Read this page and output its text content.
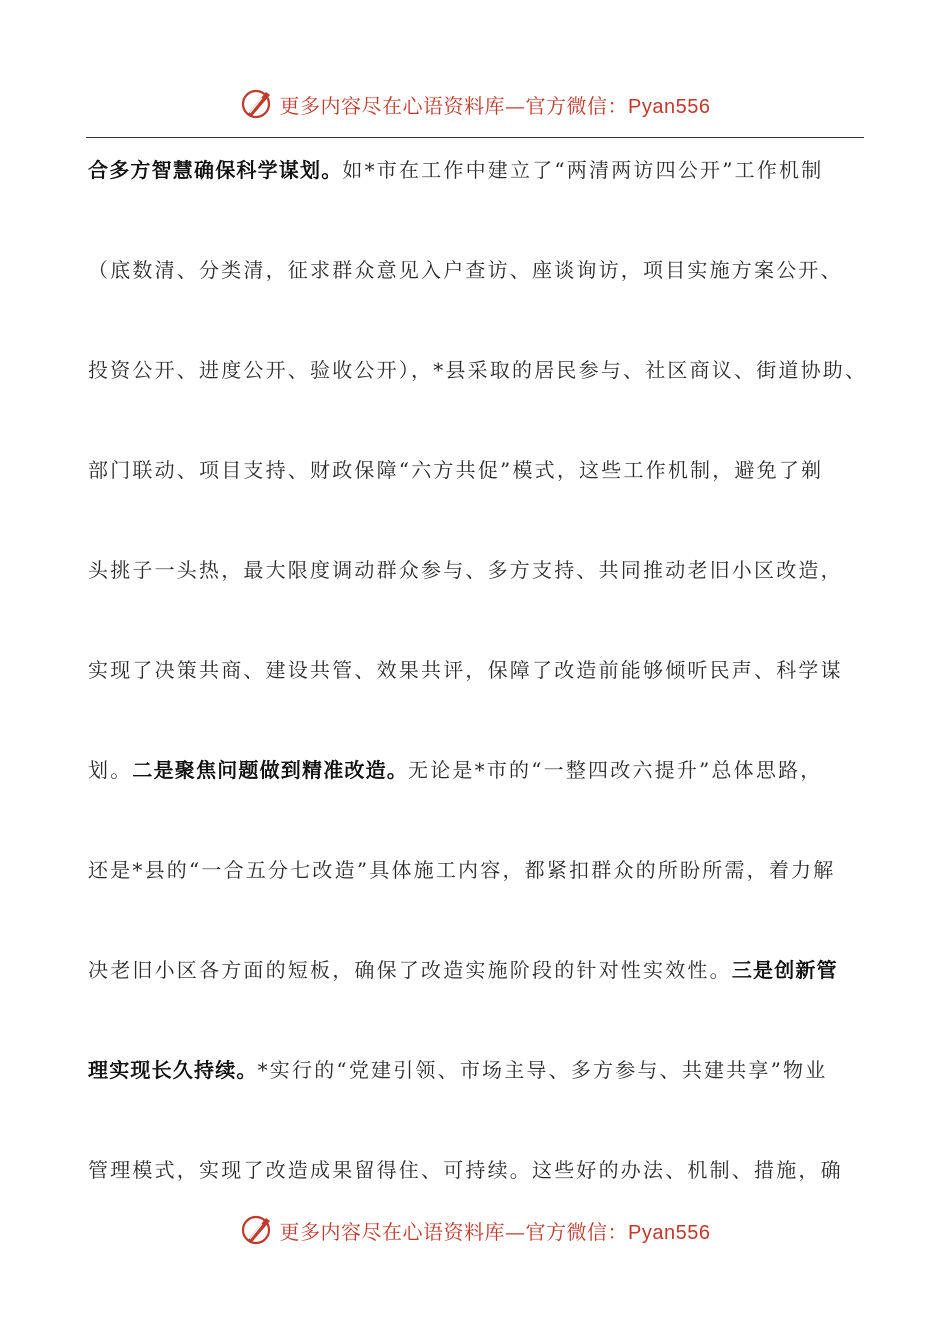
更多内容尽在心语资料库—官方微信：Pyan556
合多方智慧确保科学谋划。如*市在工作中建立了“两清两访四公开”工作机制
（底数清、分类清，征求群众意见入户查访、座谈询访，项目实施方案公开、
投资公开、进度公开、验收公开），*县采取的居民参与、社区商议、街道协助、
部门联动、项目支持、财政保障“六方共促”模式，这些工作机制，避免了剃
头挑子一头热，最大限度调动群众参与、多方支持、共同推动老旧小区改造，
实现了决策共商、建设共管、效果共评，保障了改造前能够倾听民声、科学谋
划。二是聚焦问题做到精准改造。无论是*市的“一整四改六提升”总体思路，
还是*县的“一合五分七改造”具体施工内容，都紧扣群众的所盼所需，着力解
决老旧小区各方面的短板，确保了改造实施阶段的针对性实效性。三是创新管
理实现长久持续。*实行的“党建引领、市场主导、多方参与、共建共享”物业
管理模式，实现了改造成果留得住、可持续。这些好的办法、机制、措施，确
更多内容尽在心语资料库—官方微信：Pyan556
